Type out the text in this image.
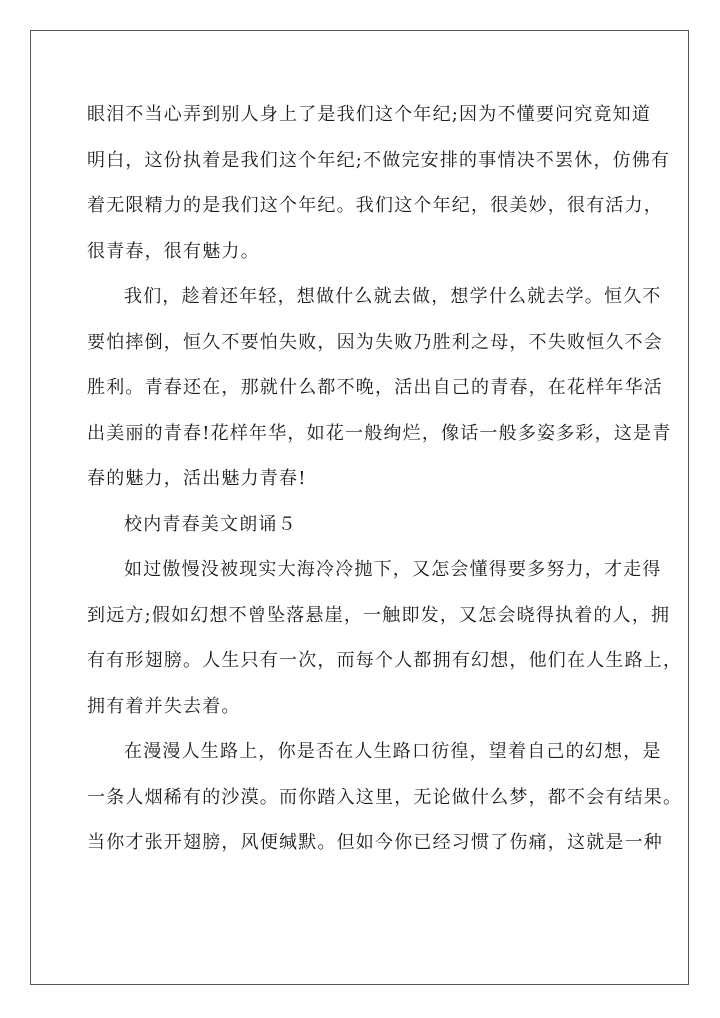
眼泪不当心弄到别人身上了是我们这个年纪;因为不懂要问究竟知道
明白，这份执着是我们这个年纪;不做完安排的事情决不罢休，仿佛有
着无限精力的是我们这个年纪。我们这个年纪，很美妙，很有活力，
很青春，很有魅力。
我们，趁着还年轻，想做什么就去做，想学什么就去学。恒久不
要怕摔倒，恒久不要怕失败，因为失败乃胜利之母，不失败恒久不会
胜利。青春还在，那就什么都不晚，活出自己的青春，在花样年华活
出美丽的青春!花样年华，如花一般绚烂，像话一般多姿多彩，这是青
春的魅力，活出魅力青春!
校内青春美文朗诵５
如过傲慢没被现实大海冷冷抛下，又怎会懂得要多努力，才走得
到远方;假如幻想不曾坠落悬崖，一触即发，又怎会晓得执着的人，拥
有有形翅膀。人生只有一次，而每个人都拥有幻想，他们在人生路上，
拥有着并失去着。
在漫漫人生路上，你是否在人生路口彷徨，望着自己的幻想，是
一条人烟稀有的沙漠。而你踏入这里，无论做什么梦，都不会有结果。
当你才张开翅膀，风便缄默。但如今你已经习惯了伤痛，这就是一种
